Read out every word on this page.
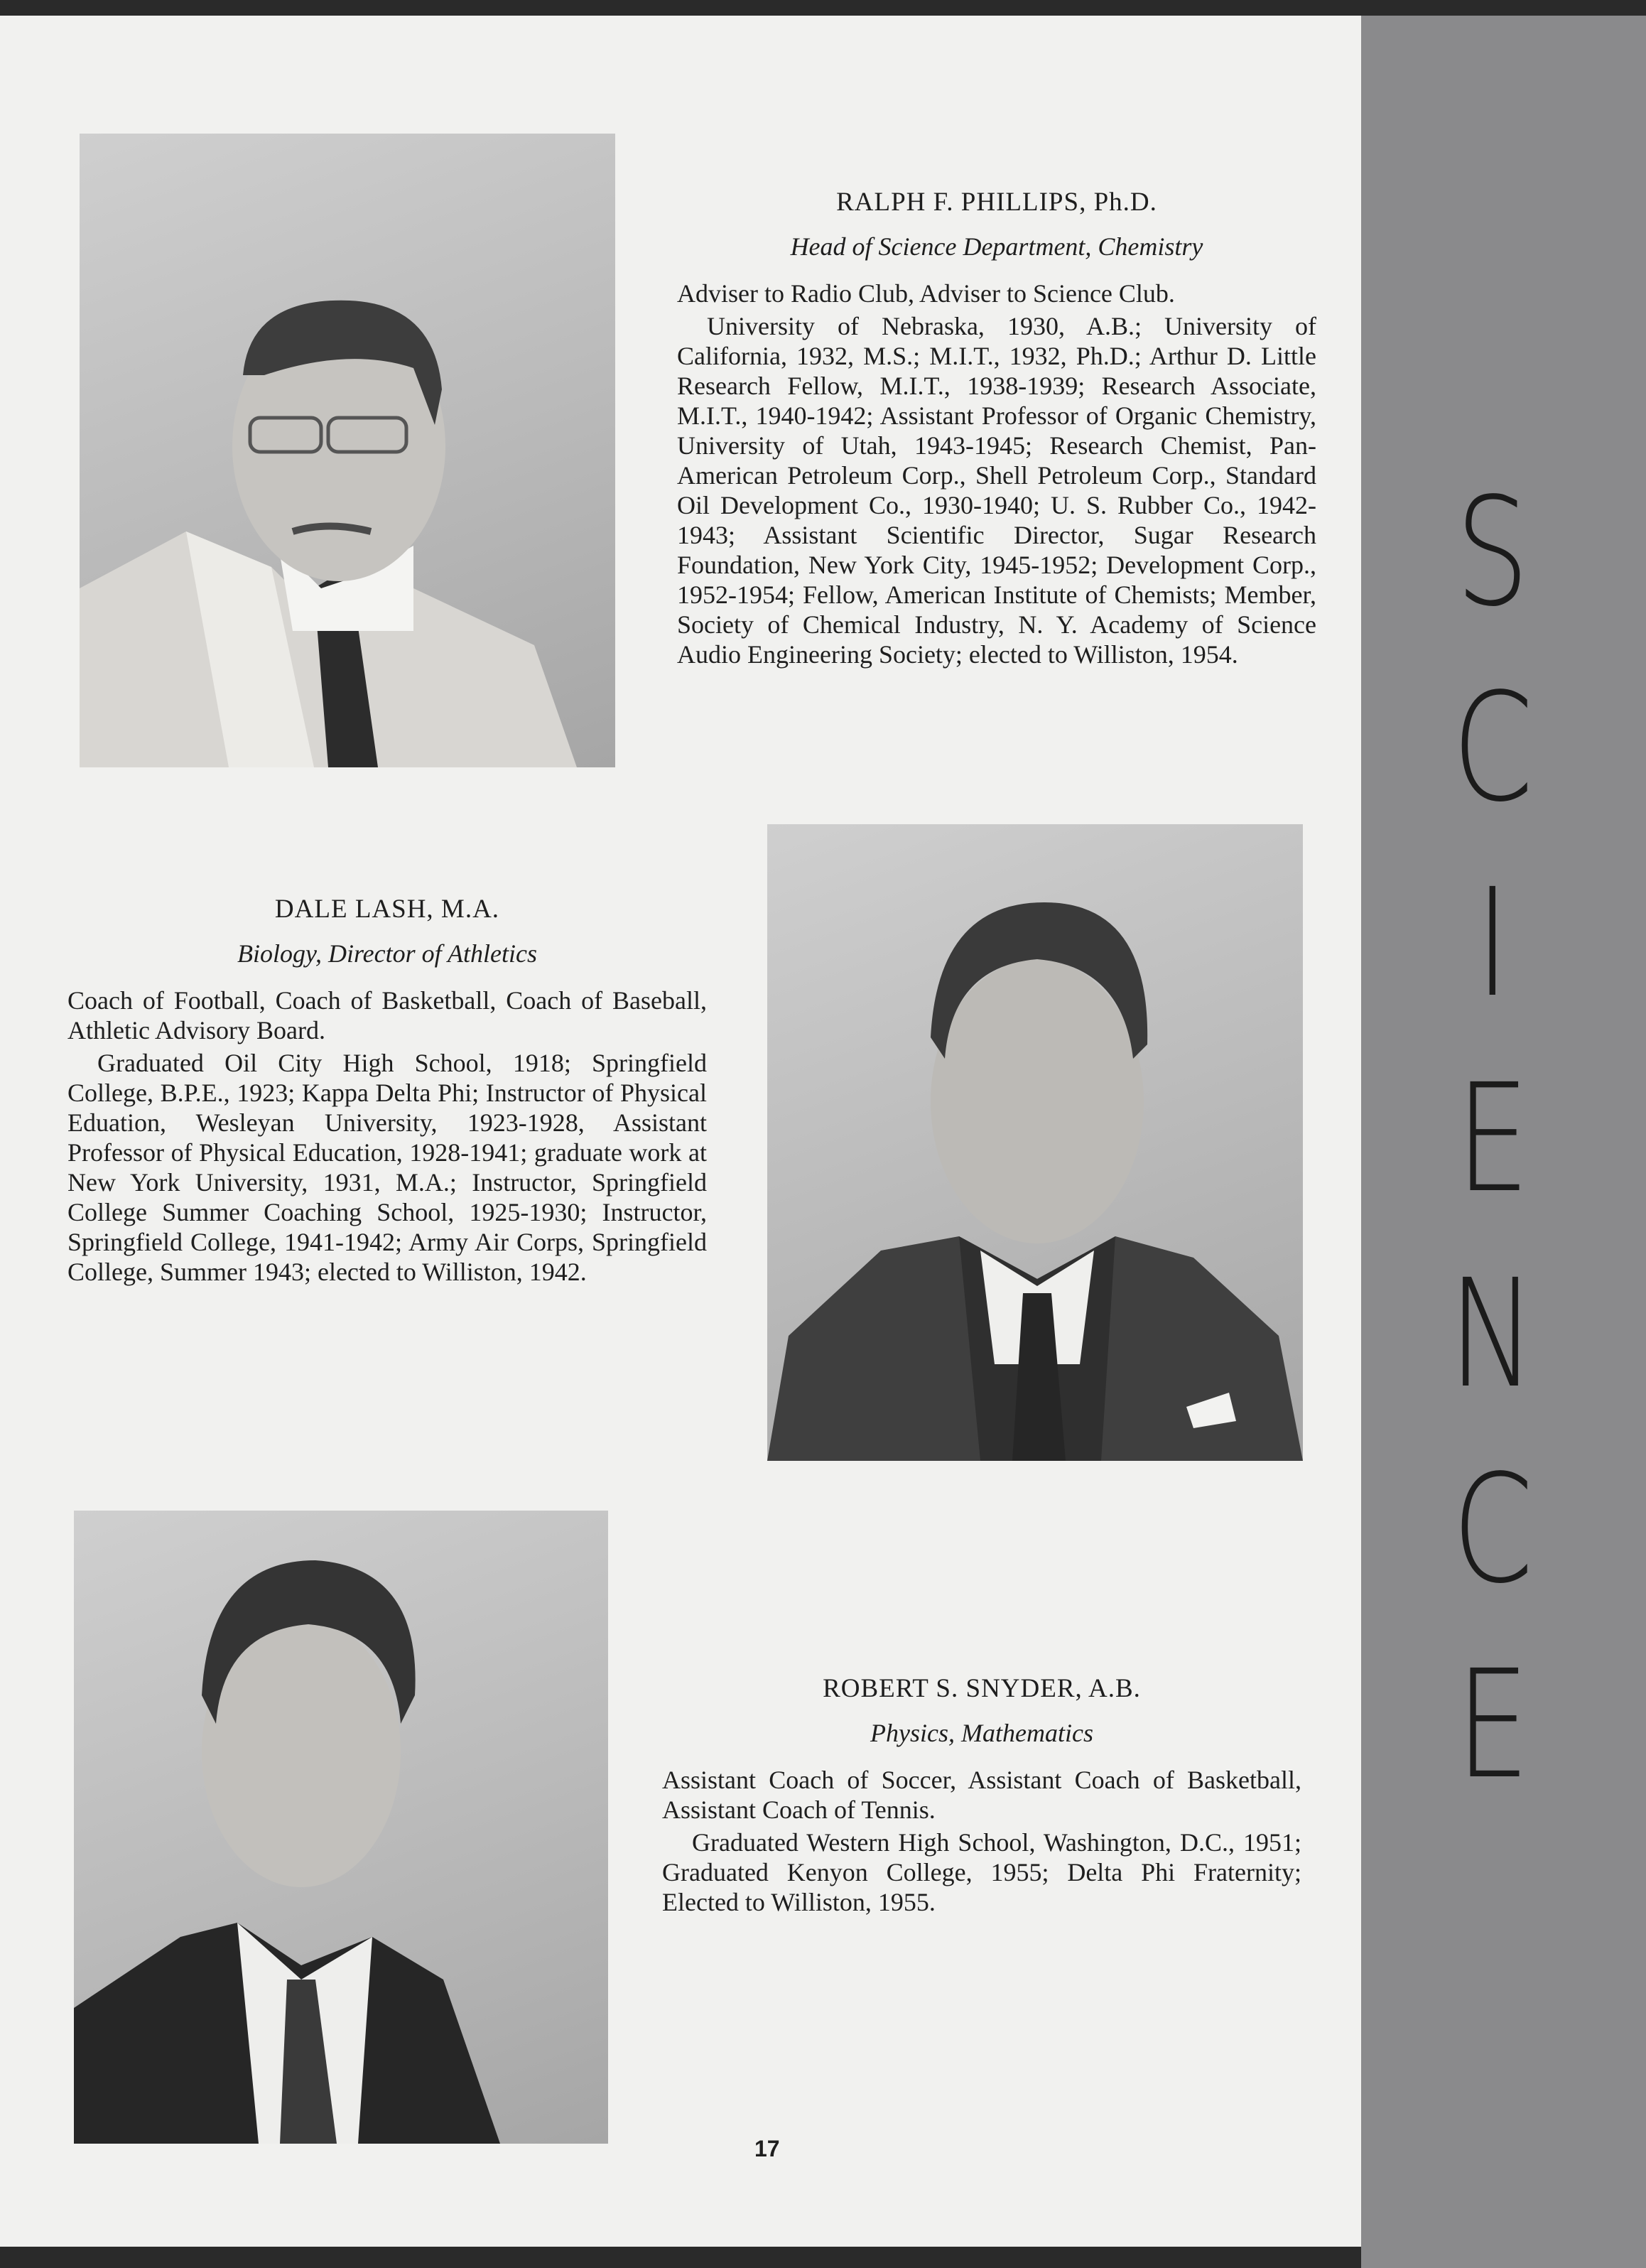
S
C
I
E
N
C
E
RALPH F. PHILLIPS, Ph.D.
Head of Science Department, Chemistry

Adviser to Radio Club, Adviser to Science Club.

University of Nebraska, 1930, A.B.; University of California, 1932, M.S.; M.I.T., 1932, Ph.D.; Arthur D. Little Research Fellow, M.I.T., 1938-1939; Research Associate, M.I.T., 1940-1942; Assistant Professor of Organic Chemistry, University of Utah, 1943-1945; Research Chemist, Pan-American Petroleum Corp., Shell Petroleum Corp., Standard Oil Development Co., 1930-1940; U. S. Rubber Co., 1942-1943; Assistant Scientific Director, Sugar Research Foundation, New York City, 1945-1952; Development Corp., 1952-1954; Fellow, American Institute of Chemists; Member, Society of Chemical Industry, N. Y. Academy of Science Audio Engineering Society; elected to Williston, 1954.

DALE LASH, M.A.
Biology, Director of Athletics

Coach of Football, Coach of Basketball, Coach of Baseball, Athletic Advisory Board.

Graduated Oil City High School, 1918; Springfield College, B.P.E., 1923; Kappa Delta Phi; Instructor of Physical Eduation, Wesleyan University, 1923-1928, Assistant Professor of Physical Education, 1928-1941; graduate work at New York University, 1931, M.A.; Instructor, Springfield College Summer Coaching School, 1925-1930; Instructor, Springfield College, 1941-1942; Army Air Corps, Springfield College, Summer 1943; elected to Williston, 1942.

ROBERT S. SNYDER, A.B.
Physics, Mathematics

Assistant Coach of Soccer, Assistant Coach of Basketball, Assistant Coach of Tennis.

Graduated Western High School, Washington, D.C., 1951; Graduated Kenyon College, 1955; Delta Phi Fraternity; Elected to Williston, 1955.

17
